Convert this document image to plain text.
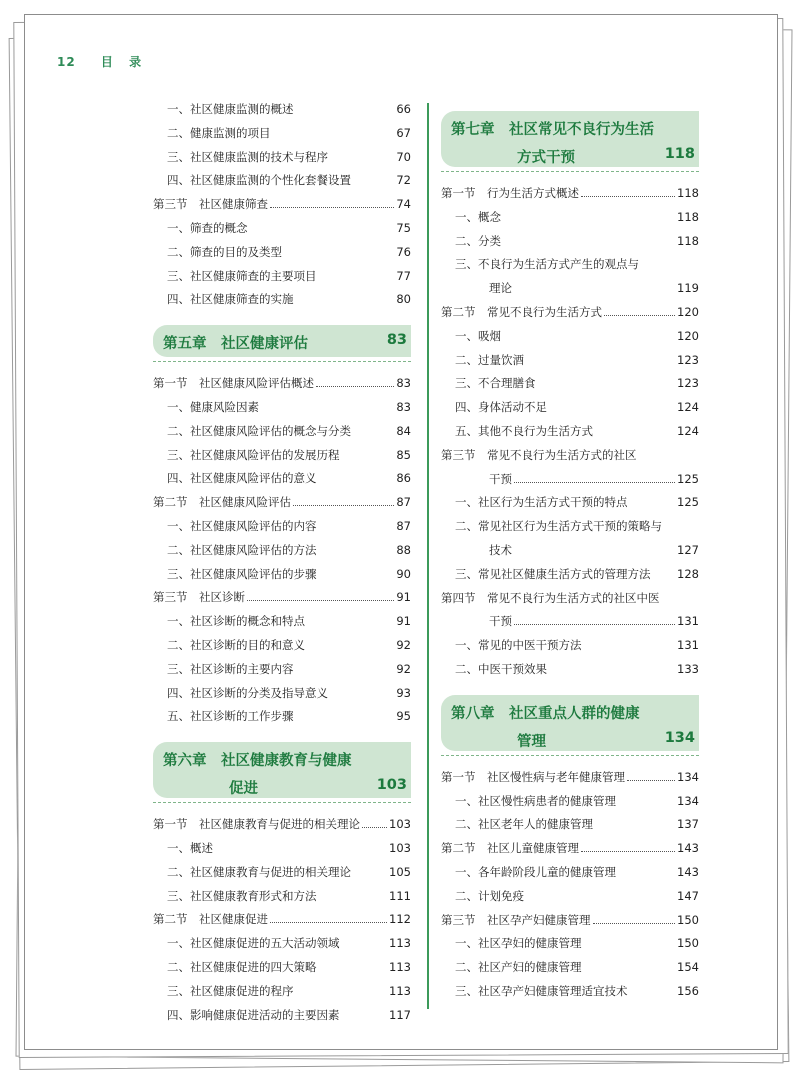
12 目 录
一、社区健康监测的概述	66
二、健康监测的项目	67
三、社区健康监测的技术与程序	70
四、社区健康监测的个性化套餐设置	72
第三节　社区健康筛查	74
一、筛查的概念	75
二、筛查的目的及类型	76
三、社区健康筛查的主要项目	77
四、社区健康筛查的实施	80
第五章　社区健康评估	83
第一节　社区健康风险评估概述	83
一、健康风险因素	83
二、社区健康风险评估的概念与分类	84
三、社区健康风险评估的发展历程	85
四、社区健康风险评估的意义	86
第二节　社区健康风险评估	87
一、社区健康风险评估的内容	87
二、社区健康风险评估的方法	88
三、社区健康风险评估的步骤	90
第三节　社区诊断	91
一、社区诊断的概念和特点	91
二、社区诊断的目的和意义	92
三、社区诊断的主要内容	92
四、社区诊断的分类及指导意义	93
五、社区诊断的工作步骤	95
第六章　社区健康教育与健康
促进	103
第一节　社区健康教育与促进的相关理论	103
一、概述	103
二、社区健康教育与促进的相关理论	105
三、社区健康教育形式和方法	111
第二节　社区健康促进	112
一、社区健康促进的五大活动领域	113
二、社区健康促进的四大策略	113
三、社区健康促进的程序	113
四、影响健康促进活动的主要因素	117
第七章　社区常见不良行为生活
方式干预	118
第一节　行为生活方式概述	118
一、概念	118
二、分类	118
三、不良行为生活方式产生的观点与
理论	119
第二节　常见不良行为生活方式	120
一、吸烟	120
二、过量饮酒	123
三、不合理膳食	123
四、身体活动不足	124
五、其他不良行为生活方式	124
第三节　常见不良行为生活方式的社区
干预	125
一、社区行为生活方式干预的特点	125
二、常见社区行为生活方式干预的策略与
技术	127
三、常见社区健康生活方式的管理方法 128
第四节　常见不良行为生活方式的社区中医
干预	131
一、常见的中医干预方法	131
二、中医干预效果	133
第八章　社区重点人群的健康
管理	134
第一节　社区慢性病与老年健康管理	134
一、社区慢性病患者的健康管理	134
二、社区老年人的健康管理	137
第二节　社区儿童健康管理	143
一、各年龄阶段儿童的健康管理	143
二、计划免疫	147
第三节　社区孕产妇健康管理	150
一、社区孕妇的健康管理	150
二、社区产妇的健康管理	154
三、社区孕产妇健康管理适宜技术	156
